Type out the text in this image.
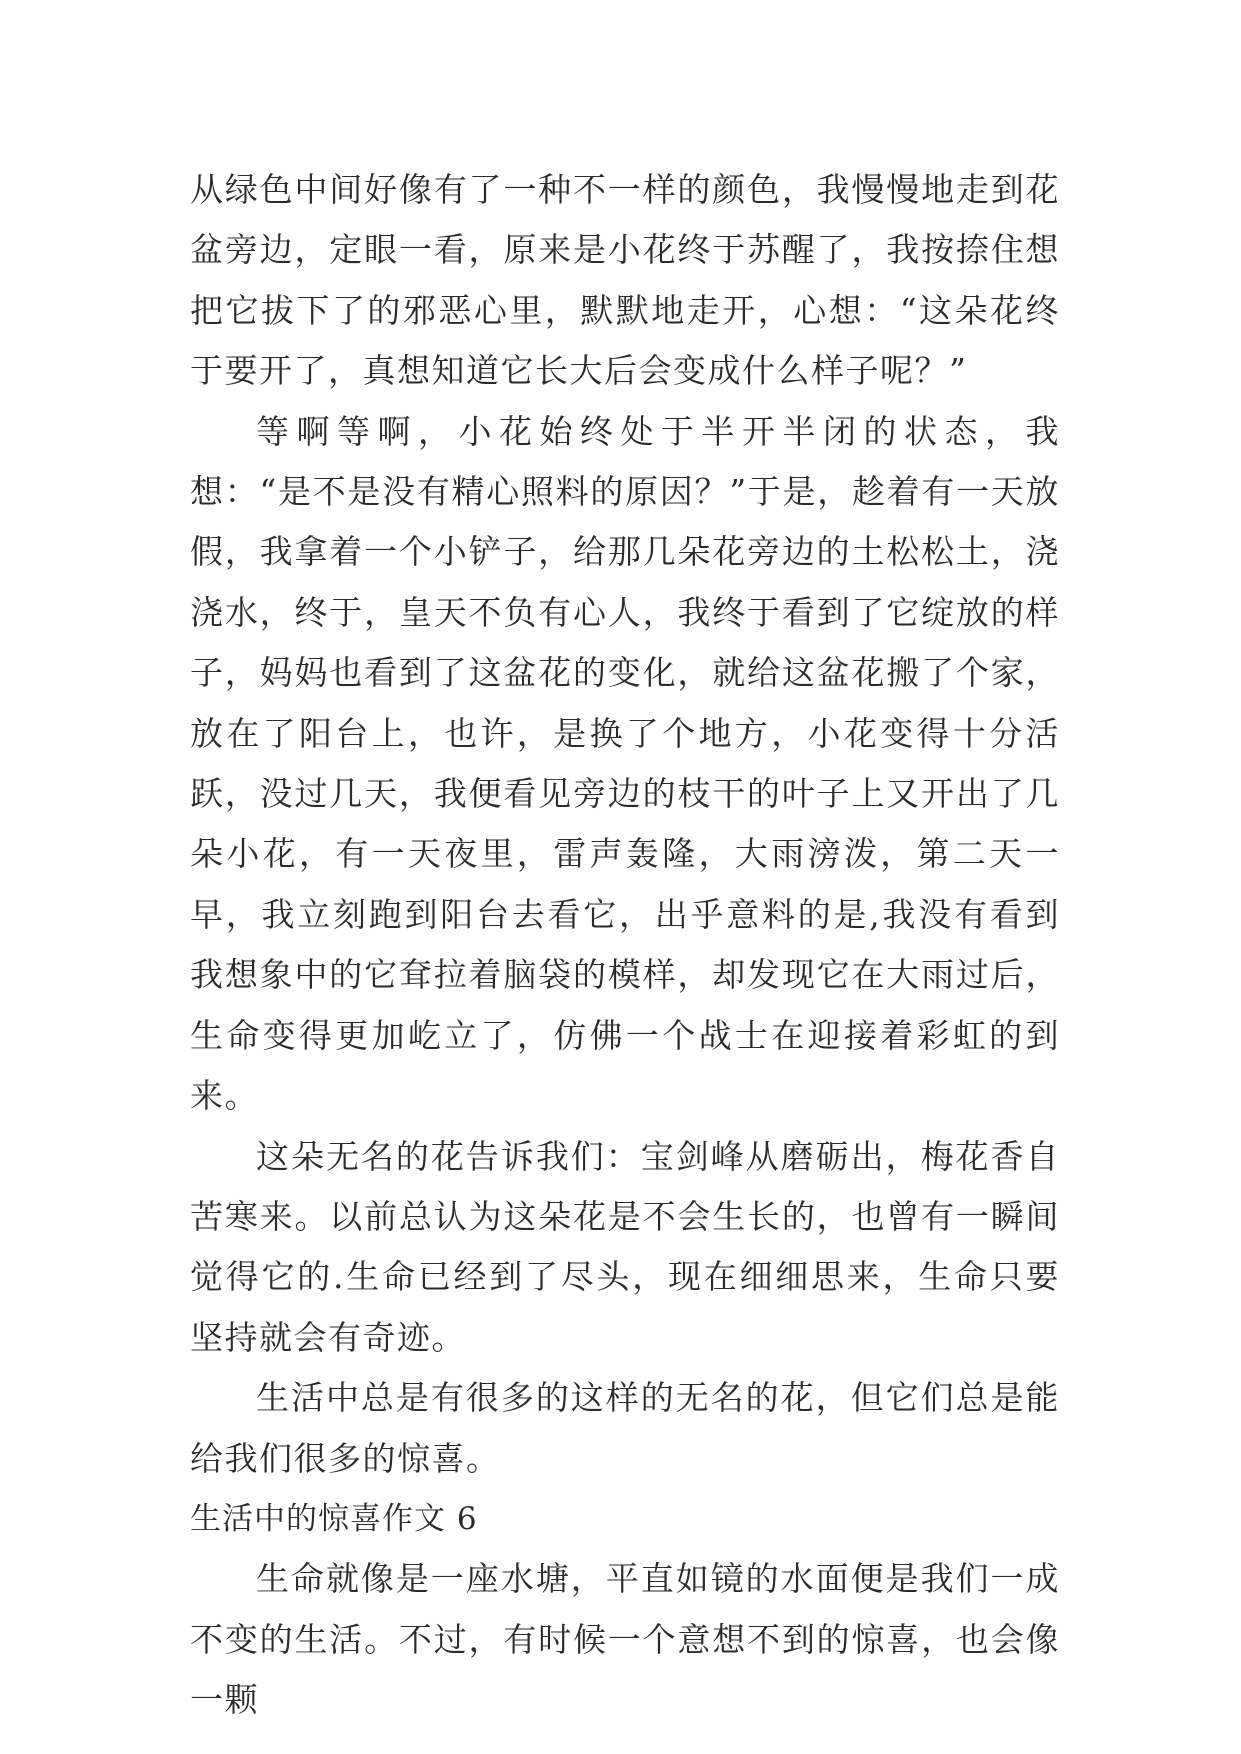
从绿色中间好像有了一种不一样的颜色，我慢慢地走到花盆旁边，定眼一看，原来是小花终于苏醒了，我按捺住想把它拔下了的邪恶心里，默默地走开，心想：“这朵花终于要开了，真想知道它长大后会变成什么样子呢？”

等啊等啊，小花始终处于半开半闭的状态，我想：“是不是没有精心照料的原因？”于是，趁着有一天放假，我拿着一个小铲子，给那几朵花旁边的土松松土，浇浇水，终于，皇天不负有心人，我终于看到了它绽放的样子，妈妈也看到了这盆花的变化，就给这盆花搬了个家，放在了阳台上，也许，是换了个地方，小花变得十分活跃，没过几天，我便看见旁边的枝干的叶子上又开出了几朵小花，有一天夜里，雷声轰隆，大雨滂泼，第二天一早，我立刻跑到阳台去看它，出乎意料的是,我没有看到我想象中的它耷拉着脑袋的模样，却发现它在大雨过后，生命变得更加屹立了，仿佛一个战士在迎接着彩虹的到来。

这朵无名的花告诉我们：宝剑峰从磨砺出，梅花香自苦寒来。以前总认为这朵花是不会生长的，也曾有一瞬间觉得它的.生命已经到了尽头，现在细细思来，生命只要坚持就会有奇迹。

生活中总是有很多的这样的无名的花，但它们总是能给我们很多的惊喜。

生活中的惊喜作文 6

生命就像是一座水塘，平直如镜的水面便是我们一成不变的生活。不过，有时候一个意想不到的惊喜，也会像一颗
